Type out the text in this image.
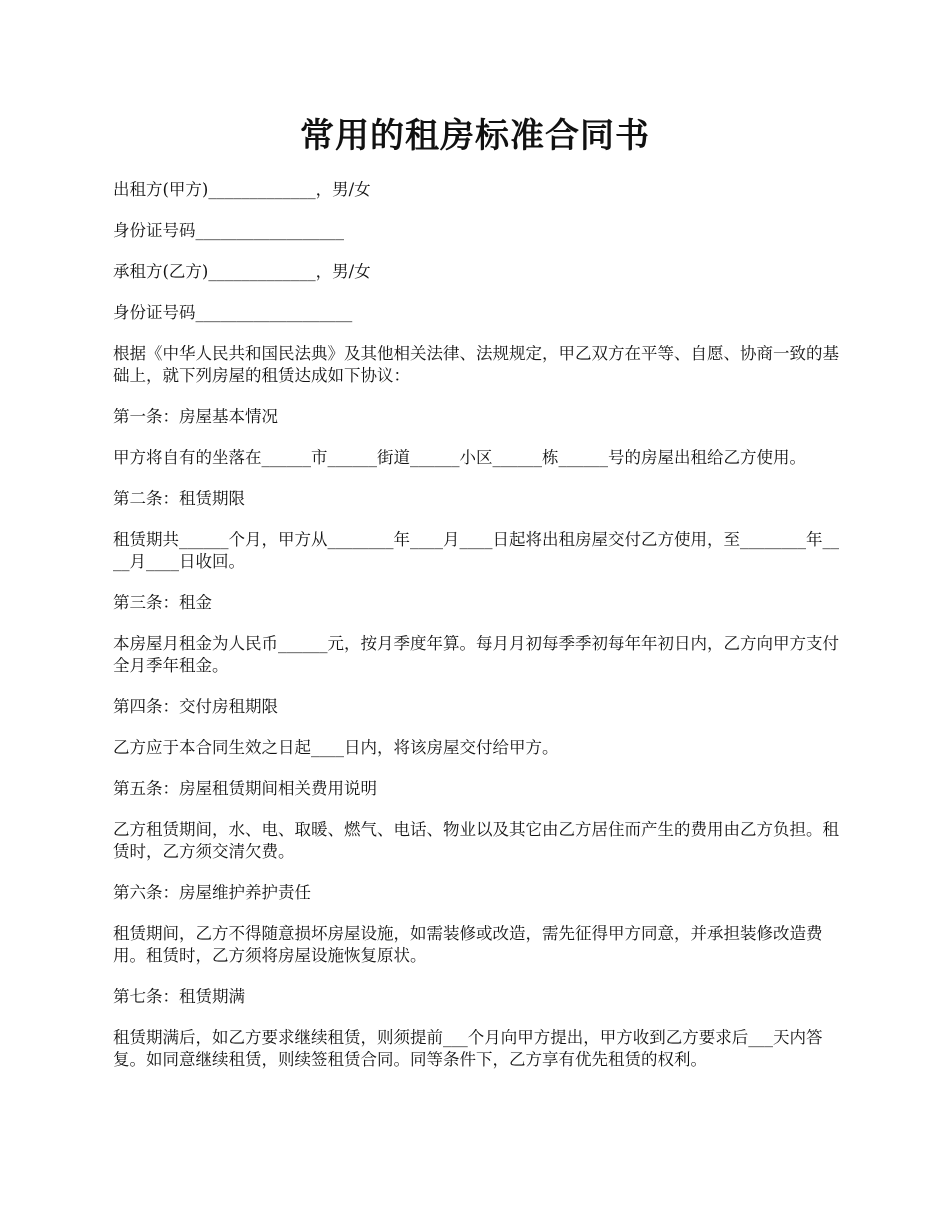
常用的租房标准合同书

出租方(甲方)_____________，男/女

身份证号码__________________

承租方(乙方)_____________，男/女

身份证号码___________________

根据《中华人民共和国民法典》及其他相关法律、法规规定，甲乙双方在平等、自愿、协商一致的基础上，就下列房屋的租赁达成如下协议：

第一条：房屋基本情况

甲方将自有的坐落在______市______街道______小区______栋______号的房屋出租给乙方使用。

第二条：租赁期限

租赁期共______个月，甲方从________年____月____日起将出租房屋交付乙方使用，至________年____月____日收回。

第三条：租金

本房屋月租金为人民币______元，按月季度年算。每月月初每季季初每年年初日内，乙方向甲方支付全月季年租金。

第四条：交付房租期限

乙方应于本合同生效之日起____日内，将该房屋交付给甲方。

第五条：房屋租赁期间相关费用说明

乙方租赁期间，水、电、取暖、燃气、电话、物业以及其它由乙方居住而产生的费用由乙方负担。租赁时，乙方须交清欠费。

第六条：房屋维护养护责任

租赁期间，乙方不得随意损坏房屋设施，如需装修或改造，需先征得甲方同意，并承担装修改造费用。租赁时，乙方须将房屋设施恢复原状。

第七条：租赁期满

租赁期满后，如乙方要求继续租赁，则须提前___个月向甲方提出，甲方收到乙方要求后___天内答复。如同意继续租赁，则续签租赁合同。同等条件下，乙方享有优先租赁的权利。
